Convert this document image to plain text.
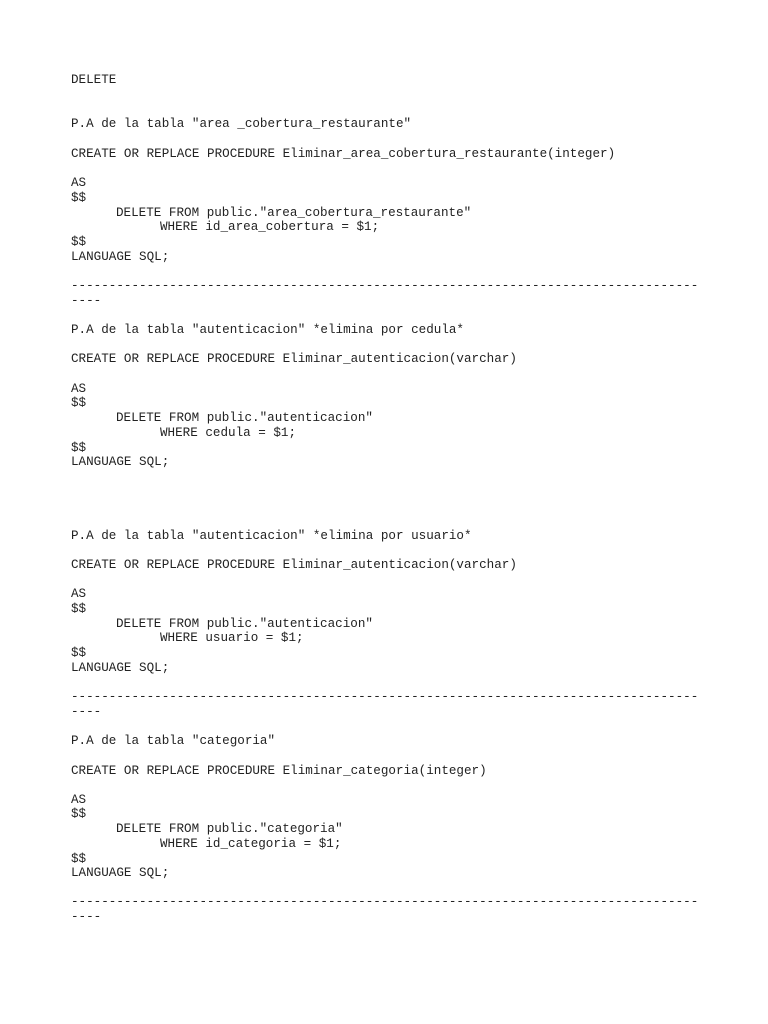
DELETE

P.A de la tabla "area _cobertura_restaurante"

CREATE OR REPLACE PROCEDURE Eliminar_area_cobertura_restaurante(integer)

AS

$$

DELETE FROM public."area_cobertura_restaurante"

WHERE id_area_cobertura = $1;

$$

LANGUAGE SQL;

-----------------------------------------------------------------------------------

----

P.A de la tabla "autenticacion" *elimina por cedula*

CREATE OR REPLACE PROCEDURE Eliminar_autenticacion(varchar)

AS

$$

DELETE FROM public."autenticacion"

WHERE cedula = $1;

$$

LANGUAGE SQL;

P.A de la tabla "autenticacion" *elimina por usuario*

CREATE OR REPLACE PROCEDURE Eliminar_autenticacion(varchar)

AS

$$

DELETE FROM public."autenticacion"

WHERE usuario = $1;

$$

LANGUAGE SQL;

-----------------------------------------------------------------------------------

----

P.A de la tabla "categoria"

CREATE OR REPLACE PROCEDURE Eliminar_categoria(integer)

AS

$$

DELETE FROM public."categoria"

WHERE id_categoria = $1;

$$

LANGUAGE SQL;

-----------------------------------------------------------------------------------

----
